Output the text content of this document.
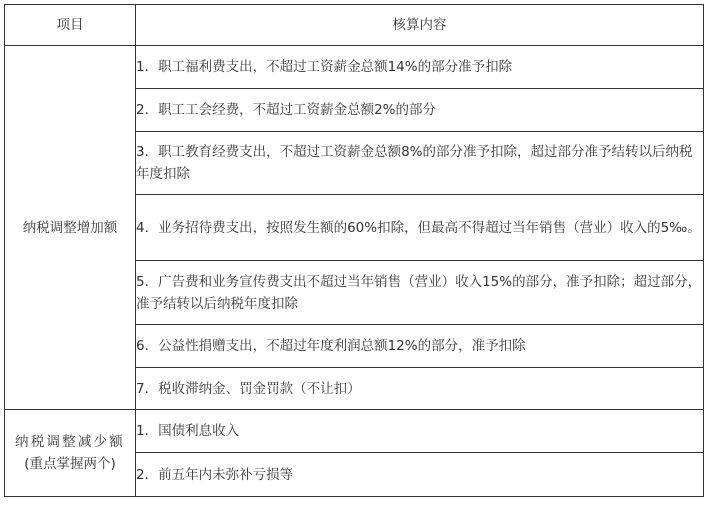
项目	核算内容

纳税调整增加额	1．职工福利费支出，不超过工资薪金总额14%的部分准予扣除
	2．职工工会经费，不超过工资薪金总额2%的部分
	3．职工教育经费支出，不超过工资薪金总额8%的部分准予扣除，超过部分准予结转以后纳税年度扣除
	4．业务招待费支出，按照发生额的60%扣除，但最高不得超过当年销售（营业）收入的5‰。
	5．广告费和业务宣传费支出不超过当年销售（营业）收入15%的部分，准予扣除；超过部分，准予结转以后纳税年度扣除
	6．公益性捐赠支出，不超过年度利润总额12%的部分，准予扣除
	7．税收滞纳金、罚金罚款（不让扣）

纳税调整减少额
(重点掌握两个)	1．国债利息收入
	2．前五年内未弥补亏损等
